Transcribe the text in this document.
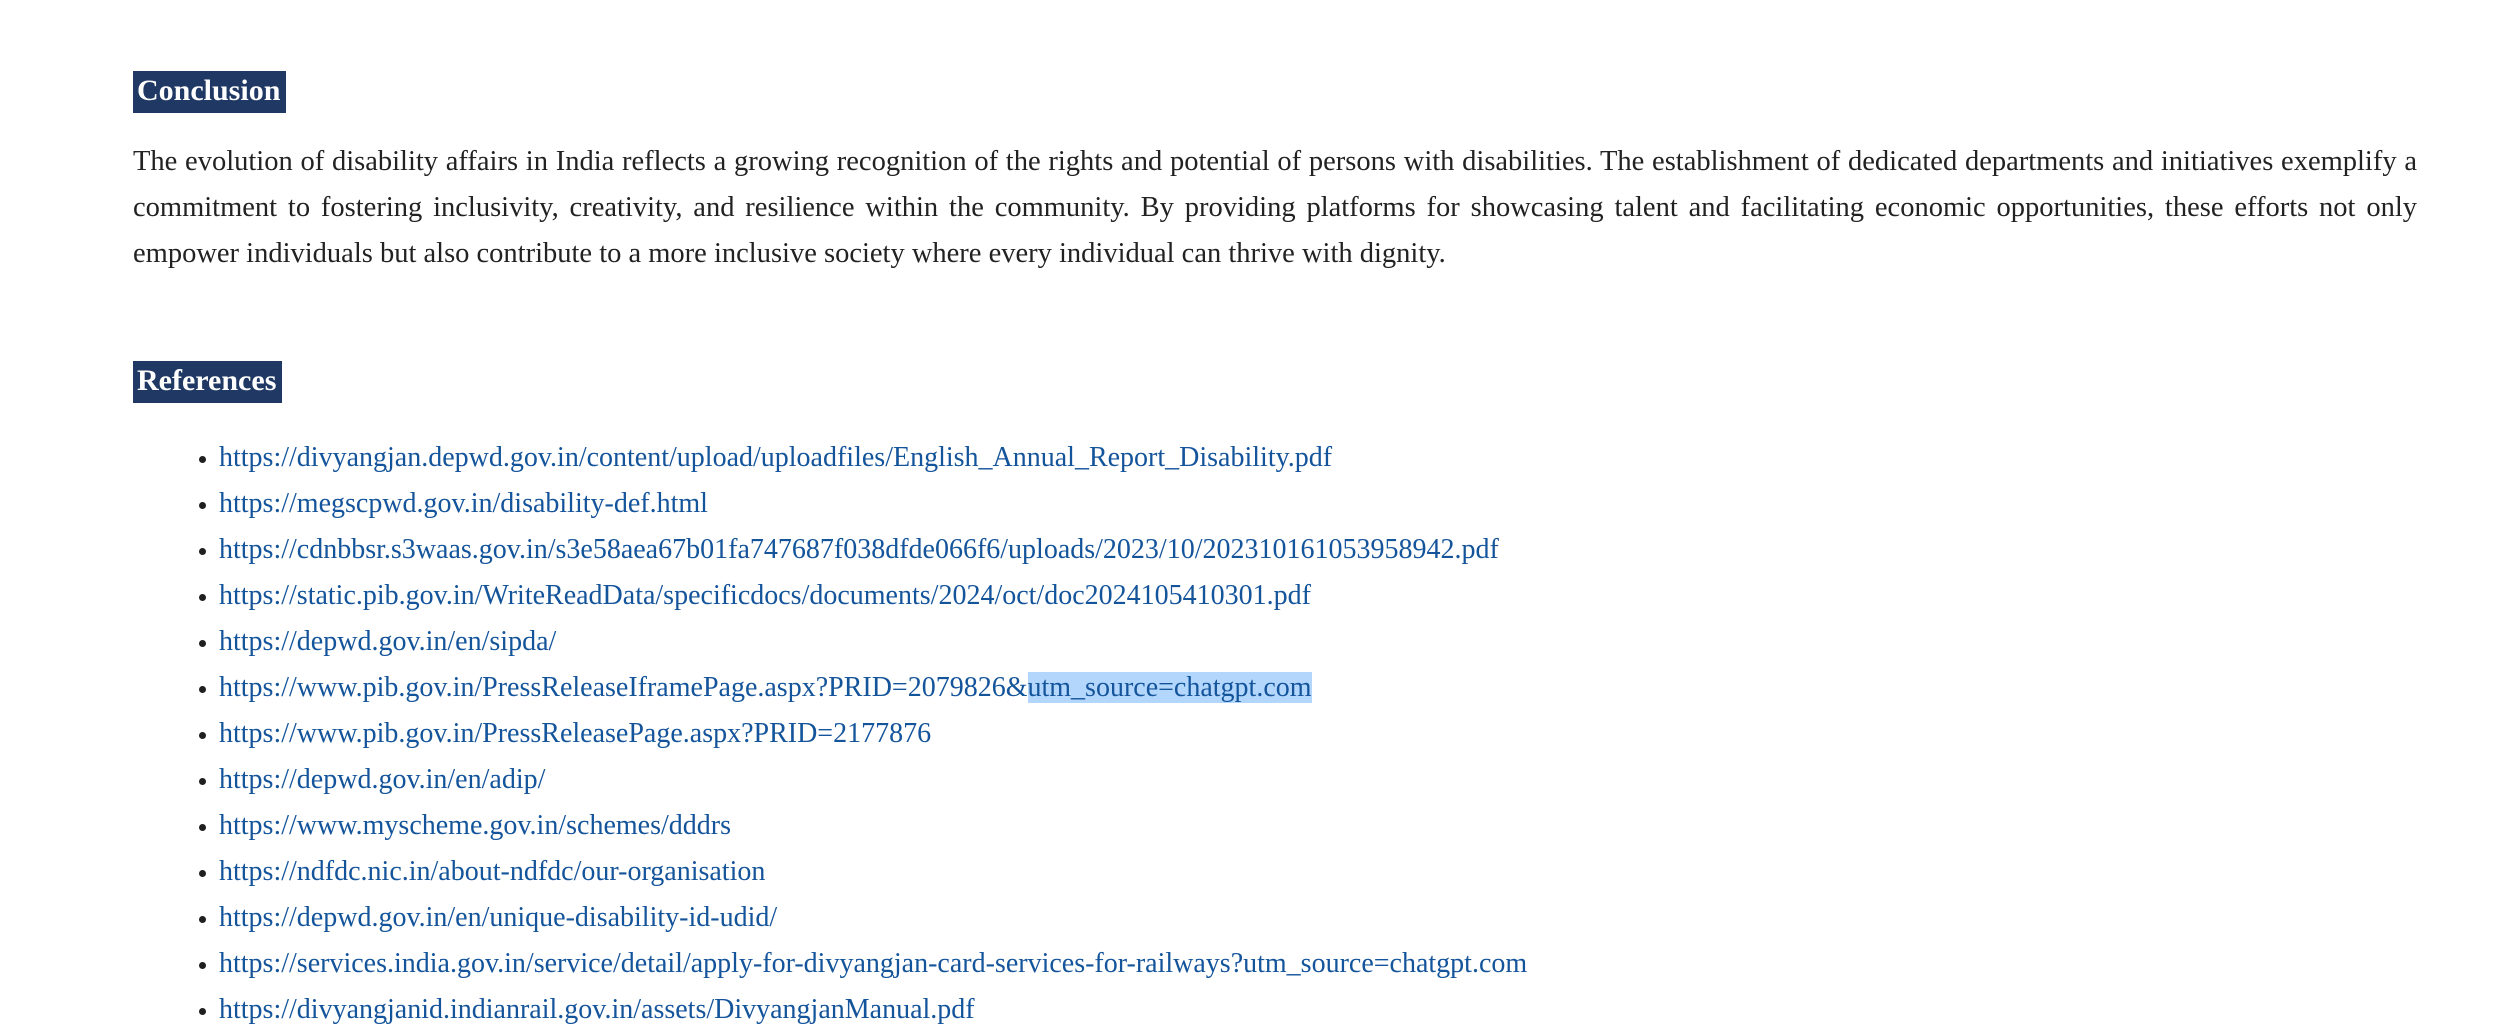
Conclusion

The evolution of disability affairs in India reflects a growing recognition of the rights and potential of persons with disabilities. The establishment of dedicated departments and initiatives exemplify a commitment to fostering inclusivity, creativity, and resilience within the community. By providing platforms for showcasing talent and facilitating economic opportunities, these efforts not only empower individuals but also contribute to a more inclusive society where every individual can thrive with dignity.

References
• https://divyangjan.depwd.gov.in/content/upload/uploadfiles/English_Annual_Report_Disability.pdf
• https://megscpwd.gov.in/disability-def.html
• https://cdnbbsr.s3waas.gov.in/s3e58aea67b01fa747687f038dfde066f6/uploads/2023/10/202310161053958942.pdf
• https://static.pib.gov.in/WriteReadData/specificdocs/documents/2024/oct/doc2024105410301.pdf
• https://depwd.gov.in/en/sipda/
• https://www.pib.gov.in/PressReleaseIframePage.aspx?PRID=2079826&utm_source=chatgpt.com
• https://www.pib.gov.in/PressReleasePage.aspx?PRID=2177876
• https://depwd.gov.in/en/adip/
• https://www.myscheme.gov.in/schemes/dddrs
• https://ndfdc.nic.in/about-ndfdc/our-organisation
• https://depwd.gov.in/en/unique-disability-id-udid/
• https://services.india.gov.in/service/detail/apply-for-divyangjan-card-services-for-railways?utm_source=chatgpt.com
• https://divyangjanid.indianrail.gov.in/assets/DivyangjanManual.pdf
